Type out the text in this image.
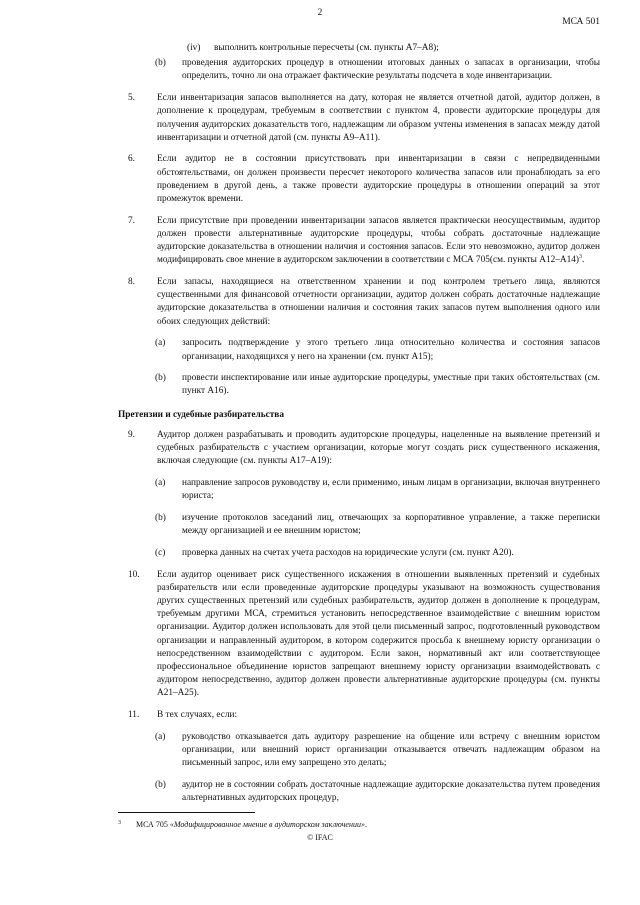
2
МСА 501
(iv) выполнить контрольные пересчеты (см. пункты А7–А8);
(b) проведения аудиторских процедур в отношении итоговых данных о запасах в организации, чтобы определить, точно ли она отражает фактические результаты подсчета в ходе инвентаризации.
5. Если инвентаризация запасов выполняется на дату, которая не является отчетной датой, аудитор должен, в дополнение к процедурам, требуемым в соответствии с пунктом 4, провести аудиторские процедуры для получения аудиторских доказательств того, надлежащим ли образом учтены изменения в запасах между датой инвентаризации и отчетной датой (см. пункты А9–А11).
6. Если аудитор не в состоянии присутствовать при инвентаризации в связи с непредвиденными обстоятельствами, он должен произвести пересчет некоторого количества запасов или пронаблюдать за его проведением в другой день, а также провести аудиторские процедуры в отношении операций за этот промежуток времени.
7. Если присутствие при проведении инвентаризации запасов является практически неосуществимым, аудитор должен провести альтернативные аудиторские процедуры, чтобы собрать достаточные надлежащие аудиторские доказательства в отношении наличия и состояния запасов. Если это невозможно, аудитор должен модифицировать свое мнение в аудиторском заключении в соответствии с МСА 705(см. пункты А12–А14)$^3$.
8. Если запасы, находящиеся на ответственном хранении и под контролем третьего лица, являются существенными для финансовой отчетности организации, аудитор должен собрать достаточные надлежащие аудиторские доказательства в отношении наличия и состояния таких запасов путем выполнения одного или обоих следующих действий:
(a) запросить подтверждение у этого третьего лица относительно количества и состояния запасов организации, находящихся у него на хранении (см. пункт А15);
(b) провести инспектирование или иные аудиторские процедуры, уместные при таких обстоятельствах (см. пункт А16).
Претензии и судебные разбирательства
9. Аудитор должен разрабатывать и проводить аудиторские процедуры, нацеленные на выявление претензий и судебных разбирательств с участием организации, которые могут создать риск существенного искажения, включая следующие (см. пункты А17–А19):
(a) направление запросов руководству и, если применимо, иным лицам в организации, включая внутреннего юриста;
(b) изучение протоколов заседаний лиц, отвечающих за корпоративное управление, а также переписки между организацией и ее внешним юристом;
(c) проверка данных на счетах учета расходов на юридические услуги (см. пункт А20).
10. Если аудитор оценивает риск существенного искажения в отношении выявленных претензий и судебных разбирательств или если проведенные аудиторские процедуры указывают на возможность существования других существенных претензий или судебных разбирательств, аудитор должен в дополнение к процедурам, требуемым другими МСА, стремиться установить непосредственное взаимодействие с внешним юристом организации. Аудитор должен использовать для этой цели письменный запрос, подготовленный руководством организации и направленный аудитором, в котором содержится просьба к внешнему юристу организации о непосредственном взаимодействии с аудитором. Если закон, нормативный акт или соответствующее профессиональное объединение юристов запрещают внешнему юристу организации взаимодействовать с аудитором непосредственно, аудитор должен провести альтернативные аудиторские процедуры (см. пункты А21–А25).
11. В тех случаях, если:
(a) руководство отказывается дать аудитору разрешение на общение или встречу с внешним юристом организации, или внешний юрист организации отказывается отвечать надлежащим образом на письменный запрос, или ему запрещено это делать;
(b) аудитор не в состоянии собрать достаточные надлежащие аудиторские доказательства путем проведения альтернативных аудиторских процедур,
3 МСА 705 «Модифицированное мнение в аудиторском заключении».
© IFAC
